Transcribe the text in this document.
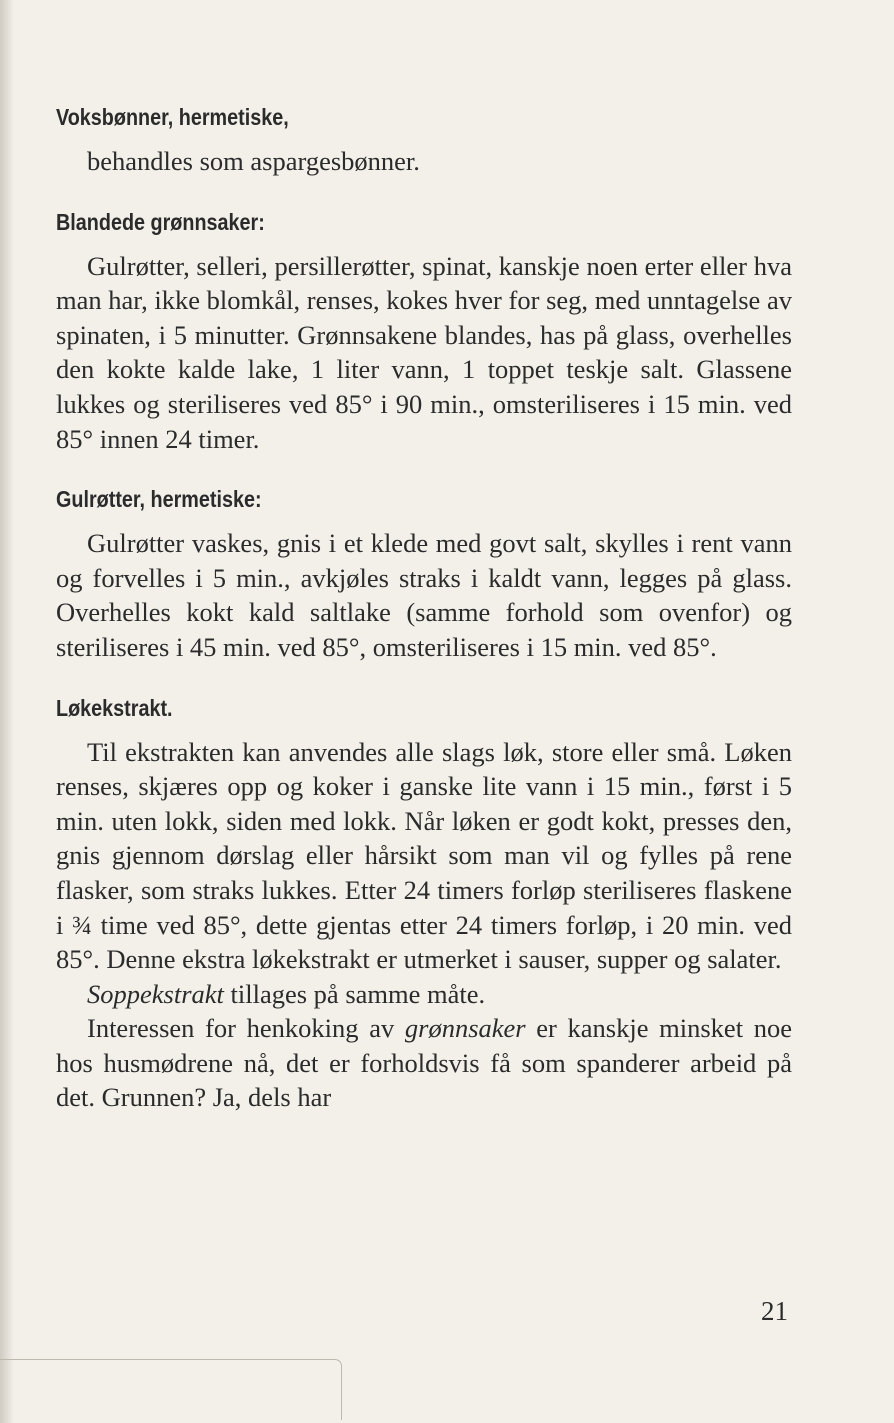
Voksbønner, hermetiske,

behandles som aspargesbønner.

Blandede grønnsaker:

Gulrøtter, selleri, persillerøtter, spinat, kanskje noen erter eller hva man har, ikke blomkål, renses, kokes hver for seg, med unntagelse av spinaten, i 5 minutter. Grønnsakene blandes, has på glass, overhelles den kokte kalde lake, 1 liter vann, 1 toppet teskje salt. Glassene lukkes og steriliseres ved 85° i 90 min., omsteriliseres i 15 min. ved 85° innen 24 timer.

Gulrøtter, hermetiske:

Gulrøtter vaskes, gnis i et klede med govt salt, skylles i rent vann og forvelles i 5 min., avkjøles straks i kaldt vann, legges på glass. Overhelles kokt kald saltlake (samme forhold som ovenfor) og steriliseres i 45 min. ved 85°, omsteriliseres i 15 min. ved 85°.

Løkekstrakt.

Til ekstrakten kan anvendes alle slags løk, store eller små. Løken renses, skjæres opp og koker i ganske lite vann i 15 min., først i 5 min. uten lokk, siden med lokk. Når løken er godt kokt, presses den, gnis gjennom dørslag eller hårsikt som man vil og fylles på rene flasker, som straks lukkes. Etter 24 timers forløp steriliseres flaskene i ¾ time ved 85°, dette gjentas etter 24 timers forløp, i 20 min. ved 85°. Denne ekstra løkekstrakt er utmerket i sauser, supper og salater.

Soppekstrakt tillages på samme måte.

Interessen for henkoking av grønnsaker er kanskje minsket noe hos husmødrene nå, det er forholdsvis få som spanderer arbeid på det. Grunnen? Ja, dels har

21
